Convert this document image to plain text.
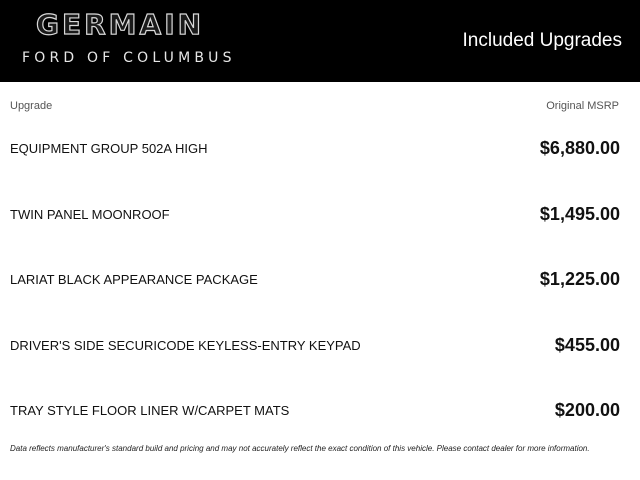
GERMAIN
FORD OF COLUMBUS
Included Upgrades
Upgrade	Original MSRP
EQUIPMENT GROUP 502A HIGH	$6,880.00
TWIN PANEL MOONROOF	$1,495.00
LARIAT BLACK APPEARANCE PACKAGE	$1,225.00
DRIVER'S SIDE SECURICODE KEYLESS-ENTRY KEYPAD	$455.00
TRAY STYLE FLOOR LINER W/CARPET MATS	$200.00
Data reflects manufacturer's standard build and pricing and may not accurately reflect the exact condition of this vehicle. Please contact dealer for more information.
